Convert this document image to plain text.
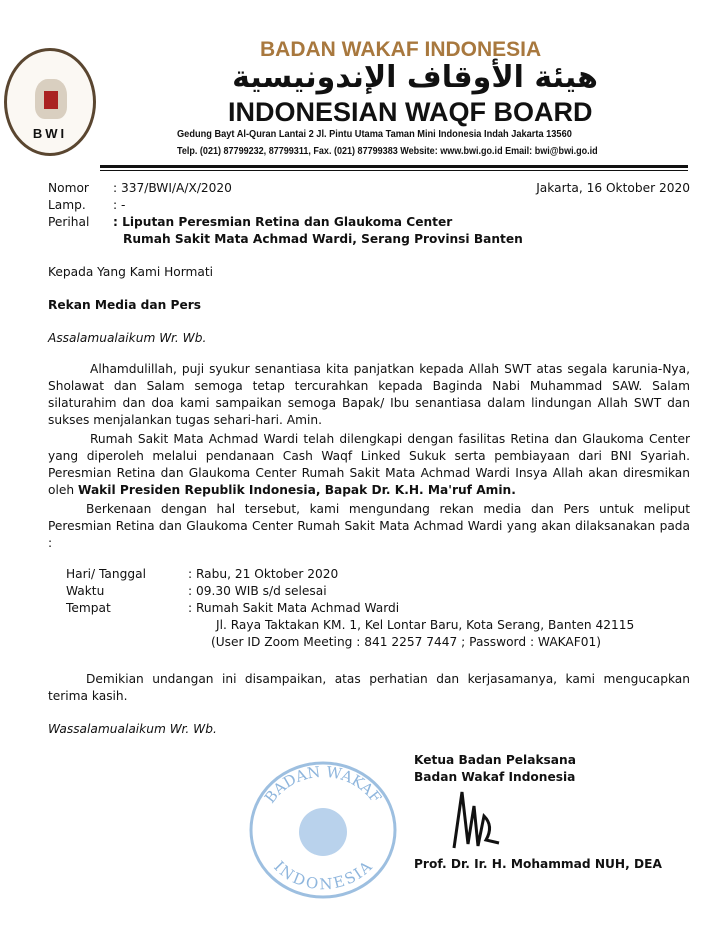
BWI
BADAN WAKAF INDONESIA
هيئة الأوقاف الإندونيسية
INDONESIAN WAQF BOARD
Gedung Bayt Al-Quran Lantai 2 Jl. Pintu Utama Taman Mini Indonesia Indah Jakarta 13560
Telp. (021) 87799232, 87799311, Fax. (021) 87799383 Website: www.bwi.go.id Email: bwi@bwi.go.id
Nomor	: 337/BWI/A/X/2020	Jakarta, 16 Oktober 2020
Lamp.	: -
Perihal	: Liputan Peresmian Retina dan Glaukoma Center
Rumah Sakit Mata Achmad Wardi, Serang Provinsi Banten
Kepada Yang Kami Hormati
Rekan Media dan Pers
Assalamualaikum Wr. Wb.
Alhamdulillah, puji syukur senantiasa kita panjatkan kepada Allah SWT atas segala karunia-Nya, Sholawat dan Salam semoga tetap tercurahkan kepada Baginda Nabi Muhammad SAW. Salam silaturahim dan doa kami sampaikan semoga Bapak/ Ibu senantiasa dalam lindungan Allah SWT dan sukses menjalankan tugas sehari-hari. Amin.
Rumah Sakit Mata Achmad Wardi telah dilengkapi dengan fasilitas Retina dan Glaukoma Center yang diperoleh melalui pendanaan Cash Waqf Linked Sukuk serta pembiayaan dari BNI Syariah. Peresmian Retina dan Glaukoma Center Rumah Sakit Mata Achmad Wardi Insya Allah akan diresmikan oleh Wakil Presiden Republik Indonesia, Bapak Dr. K.H. Ma'ruf Amin.
Berkenaan dengan hal tersebut, kami mengundang rekan media dan Pers untuk meliput Peresmian Retina dan Glaukoma Center Rumah Sakit Mata Achmad Wardi yang akan dilaksanakan pada :
Hari/ Tanggal	: Rabu, 21 Oktober 2020
Waktu	: 09.30 WIB s/d selesai
Tempat	: Rumah Sakit Mata Achmad Wardi
Jl. Raya Taktakan KM. 1, Kel Lontar Baru, Kota Serang, Banten 42115
(User ID Zoom Meeting : 841 2257 7447 ; Password : WAKAF01)
Demikian undangan ini disampaikan, atas perhatian dan kerjasamanya, kami mengucapkan terima kasih.
Wassalamualaikum Wr. Wb.
BADAN WAKAF
INDONESIA
Ketua Badan Pelaksana
Badan Wakaf Indonesia
Prof. Dr. Ir. H. Mohammad NUH, DEA
